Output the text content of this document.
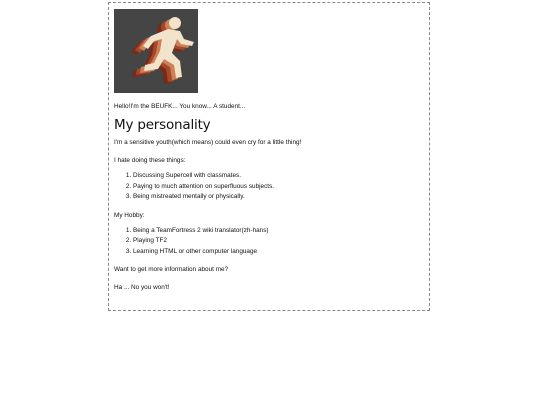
Hello!I'm the BEUFK... You know... A student...

My personality

I'm a sensitive youth(which means) could even cry for a little thing!

I hate doing these things:

1. Discussing Supercell with classmates.
2. Paying to much attention on superfluous subjects.
3. Being mistreated mentally or physically.

My Hobby:

1. Being a TeamFortress 2 wiki translator(zh-hans)
2. Playing TF2
3. Learning HTML or other computer language

Want to get more information about me?

Ha ... No you won't!
